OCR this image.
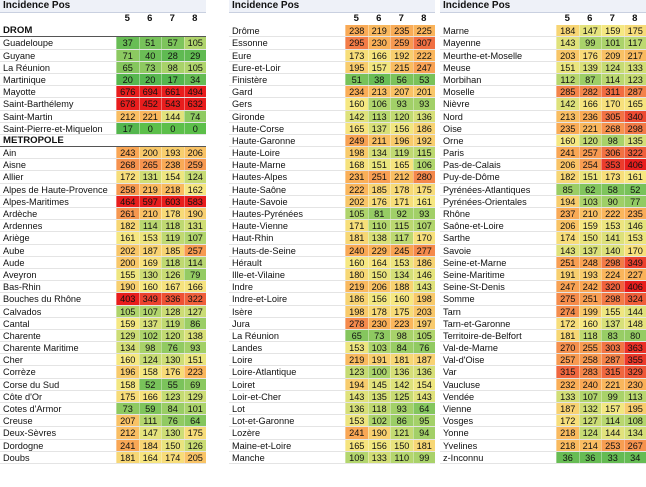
Incidence Pos
5	6	7	8
DROM
Guadeloupe	37	51	57	105
Guyane	71	40	28	29
La Réunion	65	73	98	105
Martinique	20	20	17	34
Mayotte	676 694 661 494
Saint-Barthélemy	678 452 543 632
Saint-Martin	212 221 144	74
Saint-Pierre-et-Miquelon	17	0	0	0
METROPOLE
Ain	243 200 193 206
Aisne	268 265 238 259
Allier	172 131 154 124
Alpes de Haute-Provence	258 219 218 162
Alpes-Maritimes	464 597 603 583
Ardèche	261 210 178 190
Ardennes	182 114 118 131
Ariège	161 153 119 107
Aube	202 187 185 257
Aude	200 169 118 114
Aveyron	155 130 126	79
Bas-Rhin	190 160 167 166
Bouches du Rhône	403 349 336 322
Calvados	105 107 128 127
Cantal	159 137 119	86
Charente	129 102 120 138
Charente Maritime	134	98	76	93
Cher	160 124 130 151
Corrèze	196 158 176 223
Corse du Sud	158	52	55	69
Côte d'Or	175 166 123 129
Cotes d'Armor	73	59	84	101
Creuse	207 111	76	64
Deux-Sèvres	212 147 130 175
Dordogne	241 184 150 126
Doubs	181 164 174 205
Incidence Pos
5	6	7	8
Drôme	238 219 235 225
Essonne	295 230 259 307
Eure	173 166 192 222
Eure-et-Loir	195 157 215 247
Finistère	51	38	56	53
Gard	234 213 207 201
Gers	160 106	93	93
Gironde	142 113 120 136
Haute-Corse	165 137 156 186
Haute-Garonne	249 211 196 192
Haute-Loire	198 134 119 115
Haute-Marne	168 151 165 106
Hautes-Alpes	231 251 212 280
Haute-Saône	222 185 178 175
Haute-Savoie	202 176 171 161
Hautes-Pyrénées	105	81	92	93
Haute-Vienne	171 110 115 107
Haut-Rhin	181 138 117 170
Hauts-de-Seine	240 229 245 277
Hérault	160 164 153 186
Ille-et-Vilaine	180 150 134 146
Indre	219 206 188 143
Indre-et-Loire	186 156 160 198
Isère	198 178 175 203
Jura	278 230 223 197
La Réunion	65	73	98	105
Landes	153 103	84	76
Loire	219 191 181 187
Loire-Atlantique	123 100 136 136
Loiret	194 145 142 154
Loir-et-Cher	143 135 125 143
Lot	136 118	93	64
Lot-et-Garonne	153 102	86	95
Lozère	241 190 121	94
Maine-et-Loire	165 156 150 181
Manche	109 133 110	99
Incidence Pos
5	6	7	8
Marne	184 147 159 175
Mayenne	143	99	101 117
Meurthe-et-Moselle	203 176 209 217
Meuse	151 139 124 133
Morbihan	112	87	114 123
Moselle	285 282 311 287
Nièvre	142 166 170 165
Nord	213 236 305 340
Oise	235 221 268 298
Orne	160 120	98	135
Paris	241 257 306 322
Pas-de-Calais	206 254 353 406
Puy-de-Dôme	182 151 173 161
Pyrénées-Atlantiques	85	62	58	52
Pyrénées-Orientales	194 103	90	77
Rhône	237 210 222 235
Saône-et-Loire	206 159 153 146
Sarthe	174 150 141 153
Savoie	143 137 140 170
Seine-et-Marne	251 248 298 349
Seine-Maritime	191 193 224 227
Seine-St-Denis	247 242 320 406
Somme	275 251 298 324
Tarn	274 199 155 144
Tarn-et-Garonne	172 160 137 148
Territoire-de-Belfort	181 118	83	80
Val-de-Marne	270 255 303 363
Val-d'Oise	257 258 287 355
Var	315 283 315 329
Vaucluse	232 240 221 230
Vendée	133 107	99	113
Vienne	187 132 157 195
Vosges	172 127 114 108
Yonne	218 124 144 134
Yvelines	218 214 253 267
z-Inconnu	36	36	33	34
